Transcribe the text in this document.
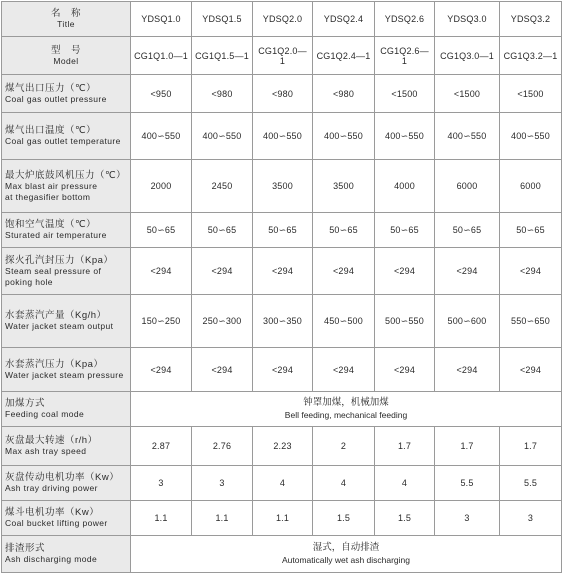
名　称
Title	YDSQ1.0	YDSQ1.5	YDSQ2.0	YDSQ2.4	YDSQ2.6	YDSQ3.0	YDSQ3.2

型　号
Model	CG1Q1.0—1	CG1Q1.5—1	CG1Q2.0—1	CG1Q2.4—1	CG1Q2.6—1	CG1Q3.0—1	CG1Q3.2—1

煤气出口压力（℃）
Coal gas outlet pressure	<950	<980	<980	<980	<1500	<1500	<1500

煤气出口温度（℃）
Coal gas outlet temperature	400∽550	400∽550	400∽550	400∽550	400∽550	400∽550	400∽550

最大炉底鼓风机压力（℃）
Max blast air pressure
at thegasifier bottom	2000	2450	3500	3500	4000	6000	6000

饱和空气温度（℃）
Sturated air temperature	50∽65	50∽65	50∽65	50∽65	50∽65	50∽65	50∽65

探火孔汽封压力（Kpa）
Steam seal pressure of
poking hole	<294	<294	<294	<294	<294	<294	<294

水套蒸汽产量（Kg/h）
Water jacket steam output	150∽250	250∽300	300∽350	450∽500	500∽550	500∽600	550∽650

水套蒸汽压力（Kpa）
Water jacket steam pressure	<294	<294	<294	<294	<294	<294	<294

加煤方式
Feeding coal mode	钟罩加煤，机械加煤
Bell feeding, mechanical feeding						

灰盘最大转速（r/h）
Max ash tray speed	2.87	2.76	2.23	2	1.7	1.7	1.7

灰盘传动电机功率（Kw）
Ash tray driving power	3	3	4	4	4	5.5	5.5

煤斗电机功率（Kw）
Coal bucket lifting power	1.1	1.1	1.1	1.5	1.5	3	3

排渣形式
Ash discharging mode	湿式，自动排渣
Automatically wet ash discharging						
